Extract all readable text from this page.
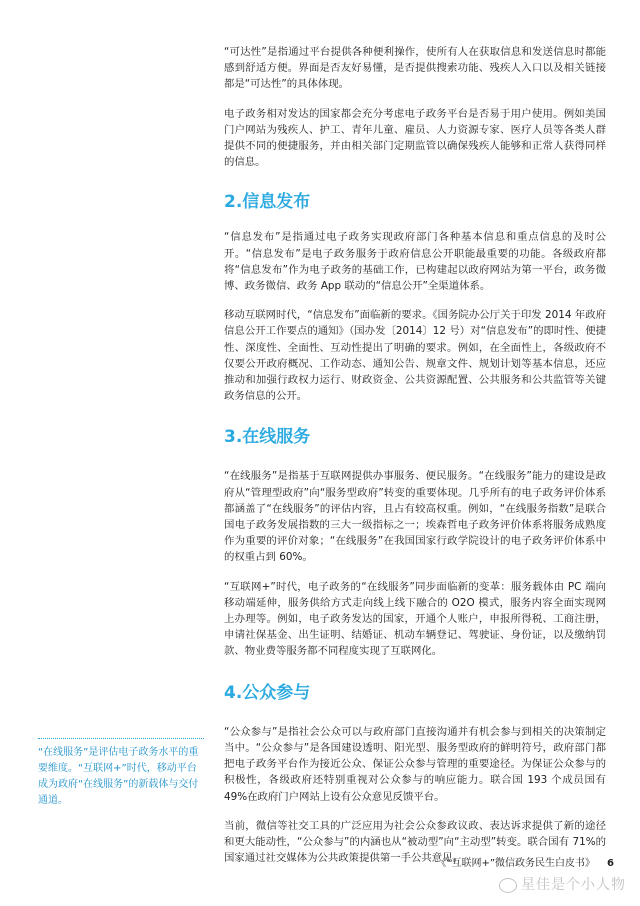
“可达性”是指通过平台提供各种便利操作，使所有人在获取信息和发送信息时都能感到舒适方便。界面是否友好易懂，是否提供搜索功能、残疾人入口以及相关链接都是“可达性”的具体体现。

电子政务相对发达的国家都会充分考虑电子政务平台是否易于用户使用。例如美国门户网站为残疾人、护工、青年儿童、雇员、人力资源专家、医疗人员等各类人群提供不同的便捷服务，并由相关部门定期监管以确保残疾人能够和正常人获得同样的信息。

2.信息发布

“信息发布”是指通过电子政务实现政府部门各种基本信息和重点信息的及时公开。“信息发布”是电子政务服务于政府信息公开职能最重要的功能。各级政府都将“信息发布”作为电子政务的基础工作，已构建起以政府网站为第一平台，政务微博、政务微信、政务 App 联动的“信息公开”全渠道体系。

移动互联网时代，“信息发布”面临新的要求。《国务院办公厅关于印发 2014 年政府信息公开工作要点的通知》（国办发〔2014〕12 号）对“信息发布”的即时性、便捷性、深度性、全面性、互动性提出了明确的要求。例如，在全面性上，各级政府不仅要公开政府概况、工作动态、通知公告、规章文件、规划计划等基本信息，还应推动和加强行政权力运行、财政资金、公共资源配置、公共服务和公共监管等关键政务信息的公开。

3.在线服务

“在线服务”是指基于互联网提供办事服务、便民服务。“在线服务”能力的建设是政府从“管理型政府”向“服务型政府”转变的重要体现。几乎所有的电子政务评价体系都涵盖了“在线服务”的评估内容，且占有较高权重。例如，“在线服务指数”是联合国电子政务发展指数的三大一级指标之一；埃森哲电子政务评价体系将服务成熟度作为重要的评价对象；“在线服务”在我国国家行政学院设计的电子政务评价体系中的权重占到 60%。

“互联网+”时代，电子政务的“在线服务”同步面临新的变革：服务载体由 PC 端向移动端延伸，服务供给方式走向线上线下融合的 O2O 模式，服务内容全面实现网上办理等。例如，电子政务发达的国家，开通个人账户，申报所得税、工商注册，申请社保基金、出生证明、结婚证、机动车辆登记、驾驶证、身份证，以及缴纳罚款、物业费等服务都不同程度实现了互联网化。

4.公众参与

“公众参与”是指社会公众可以与政府部门直接沟通并有机会参与到相关的决策制定当中。“公众参与”是各国建设透明、阳光型、服务型政府的鲜明符号，政府部门都把电子政务平台作为接近公众、保证公众参与管理的重要途径。为保证公众参与的积极性，各级政府还特别重视对公众参与的响应能力。联合国 193 个成员国有 49%在政府门户网站上设有公众意见反馈平台。

当前，微信等社交工具的广泛应用为社会公众参政议政、表达诉求提供了新的途径和更大能动性，“公众参与”的内涵也从“被动型”向“主动型”转变。联合国有 71%的国家通过社交媒体为公共政策提供第一手公共意见。

“在线服务”是评估电子政务水平的重要维度。“互联网+”时代，移动平台成为政府“在线服务”的新载体与交付通道。

《“互联网+”微信政务民生白皮书》 6
星佳是个小人物
